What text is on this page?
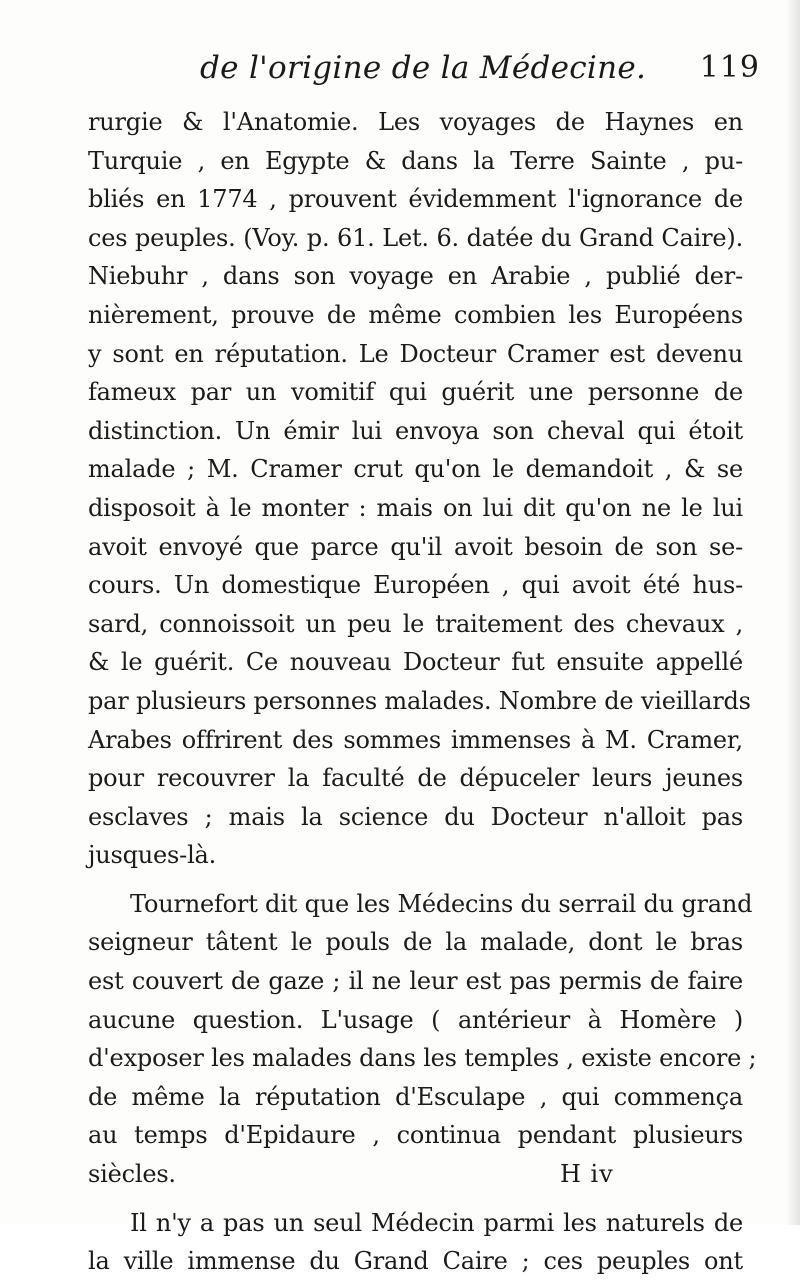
de l'origine de la Médecine. 119
rurgie & l'Anatomie. Les voyages de Haynes en
Turquie , en Egypte & dans la Terre Sainte , pu-
bliés en 1774 , prouvent évidemment l'ignorance de
ces peuples. (Voy. p. 61. Let. 6. datée du Grand Caire).
Niebuhr , dans son voyage en Arabie , publié der-
nièrement, prouve de même combien les Européens
y sont en réputation. Le Docteur Cramer est devenu
fameux par un vomitif qui guérit une personne de
distinction. Un émir lui envoya son cheval qui étoit
malade ; M. Cramer crut qu'on le demandoit , & se
disposoit à le monter : mais on lui dit qu'on ne le lui
avoit envoyé que parce qu'il avoit besoin de son se-
cours. Un domestique Européen , qui avoit été hus-
sard, connoissoit un peu le traitement des chevaux ,
& le guérit. Ce nouveau Docteur fut ensuite appellé
par plusieurs personnes malades. Nombre de vieillards
Arabes offrirent des sommes immenses à M. Cramer,
pour recouvrer la faculté de dépuceler leurs jeunes
esclaves ; mais la science du Docteur n'alloit pas
jusques-là.
Tournefort dit que les Médecins du serrail du grand
seigneur tâtent le pouls de la malade, dont le bras
est couvert de gaze ; il ne leur est pas permis de faire
aucune question. L'usage ( antérieur à Homère )
d'exposer les malades dans les temples , existe encore ;
de même la réputation d'Esculape , qui commença
au temps d'Epidaure , continua pendant plusieurs
siècles.
Il n'y a pas un seul Médecin parmi les naturels de
la ville immense du Grand Caire ; ces peuples ont
H iv
